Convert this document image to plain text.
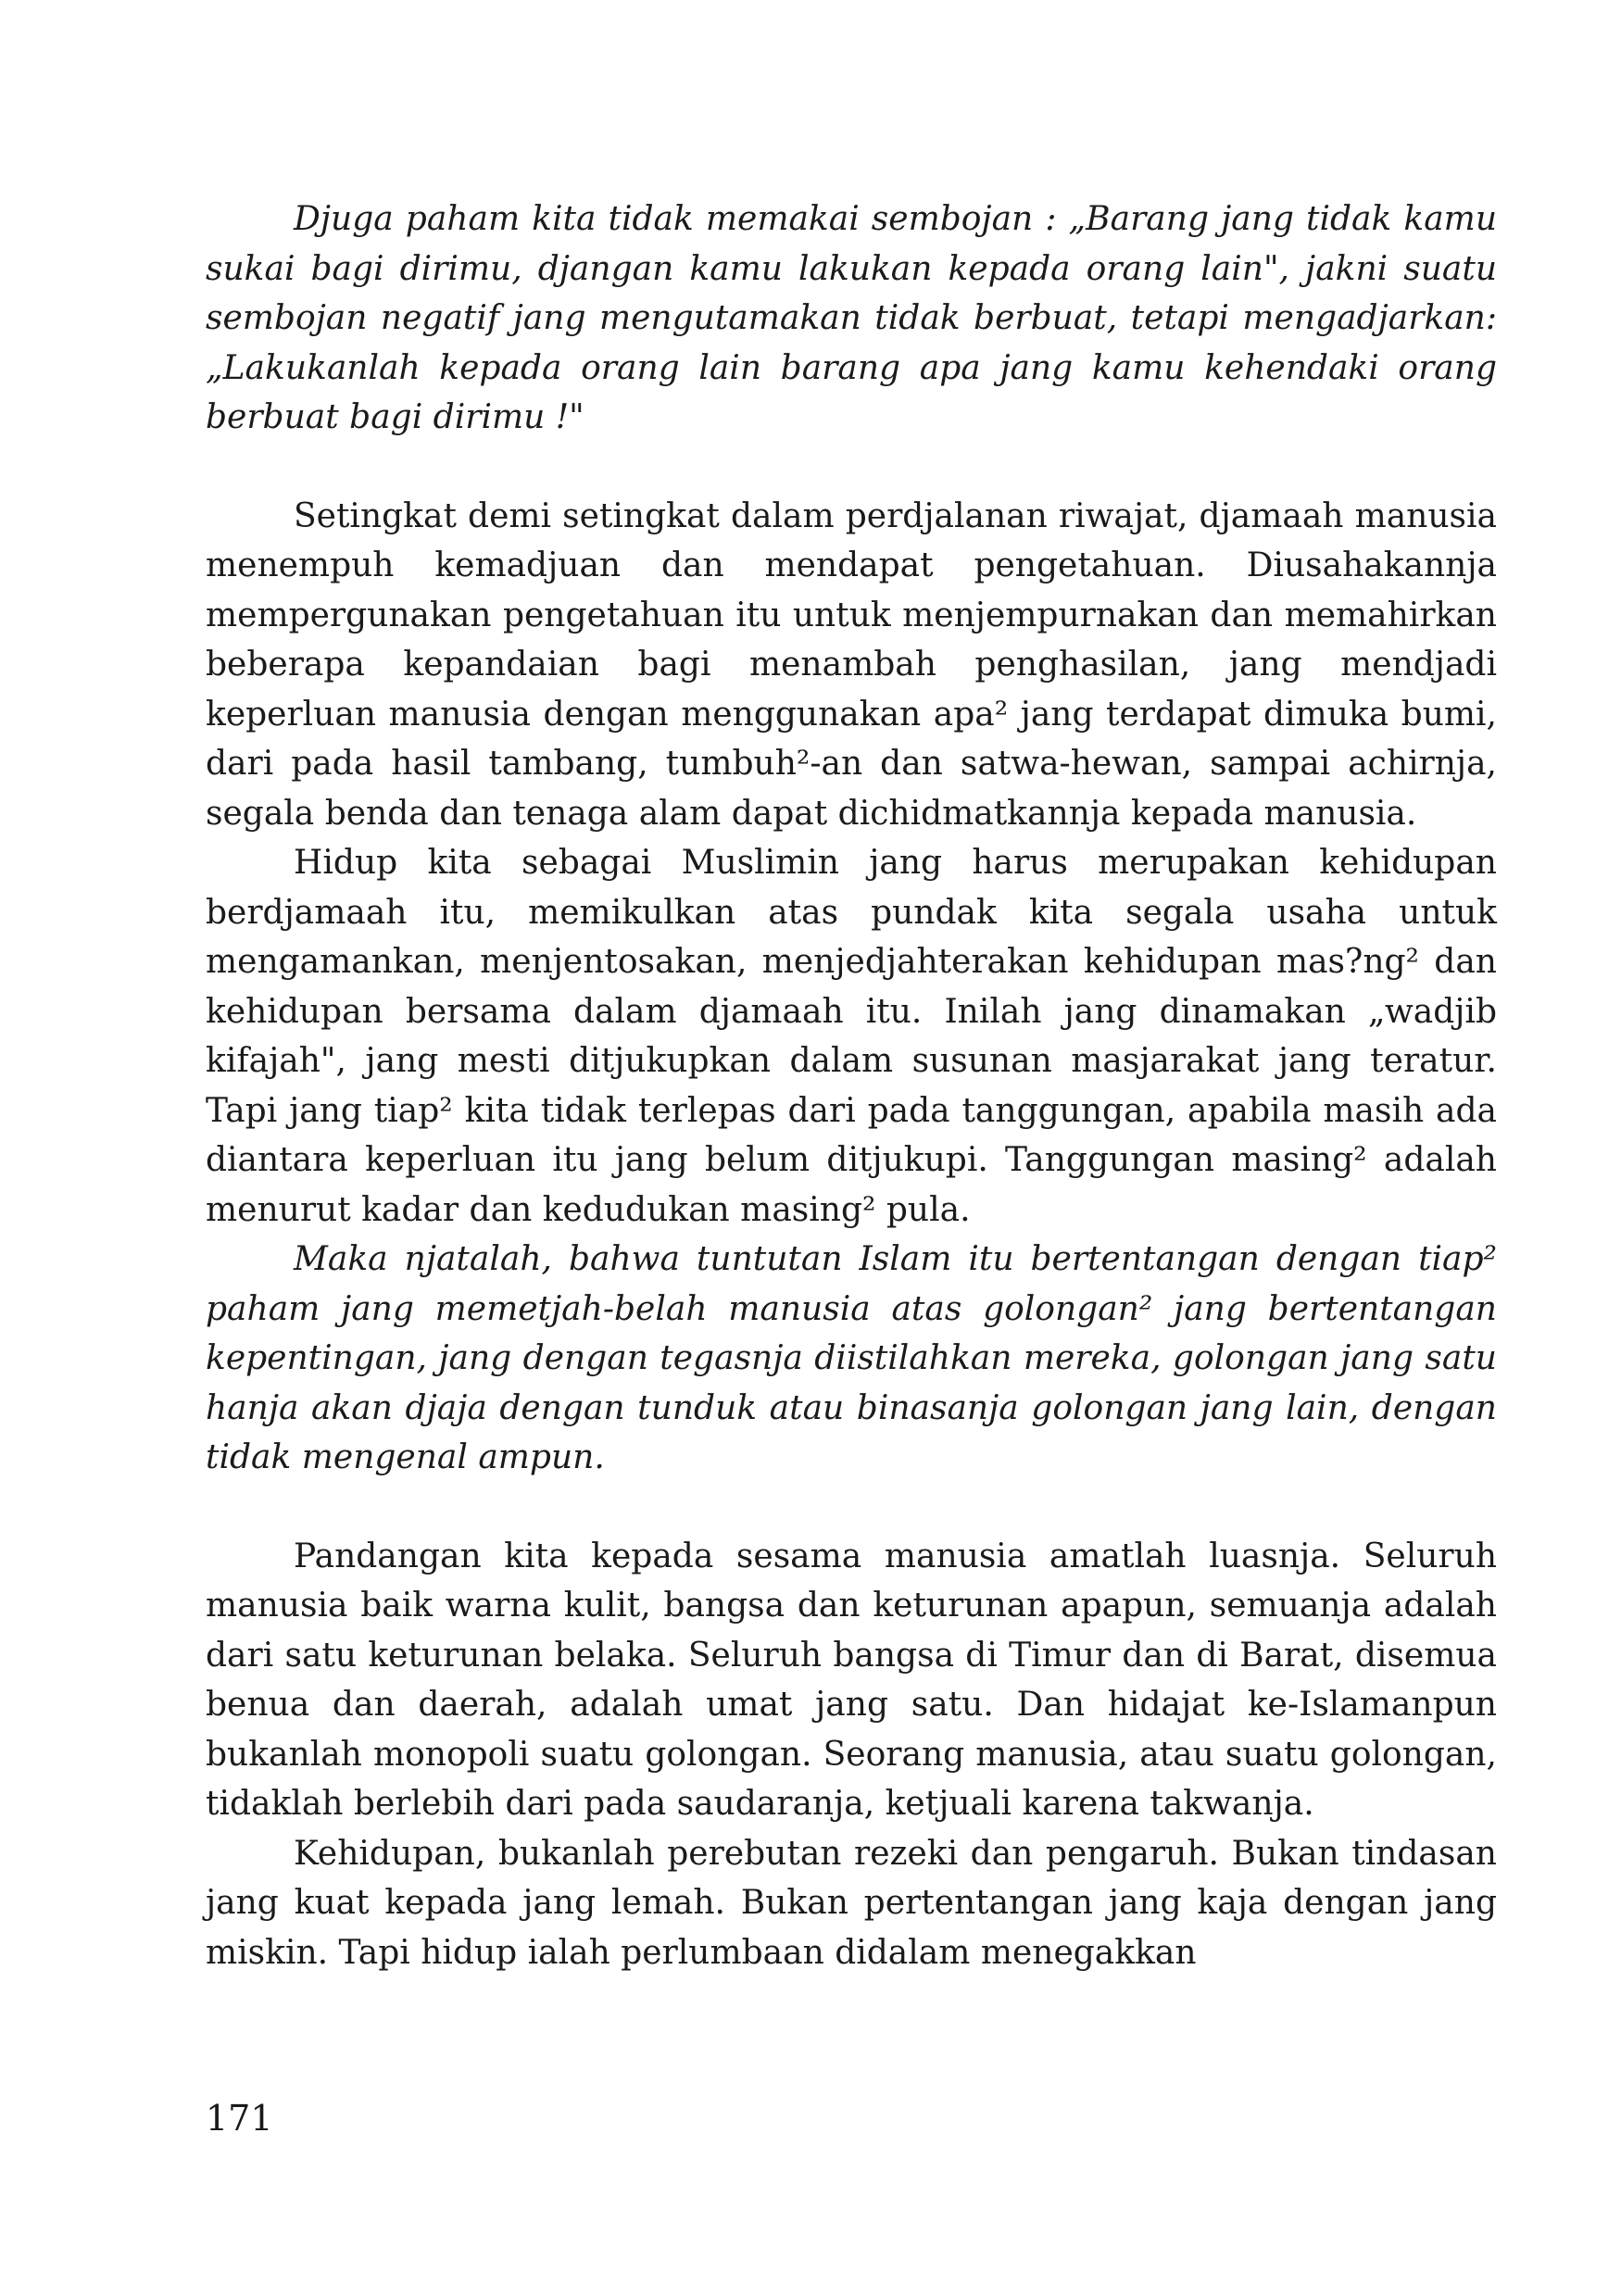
Djuga paham kita tidak memakai sembojan : „Barang jang tidak kamu sukai bagi dirimu, djangan kamu lakukan kepada orang lain", jakni suatu sembojan negatif jang mengutamakan tidak berbuat, tetapi mengadjarkan: „Lakukanlah kepada orang lain barang apa jang kamu kehendaki orang berbuat bagi dirimu !"

Setingkat demi setingkat dalam perdjalanan riwajat, djamaah manusia menempuh kemadjuan dan mendapat pengetahuan. Diusahakannja mempergunakan pengetahuan itu untuk menjempurnakan dan memahirkan beberapa kepandaian bagi menambah penghasilan, jang mendjadi keperluan manusia dengan menggunakan apa² jang terdapat dimuka bumi, dari pada hasil tambang, tumbuh²-an dan satwa-hewan, sampai achirnja, segala benda dan tenaga alam dapat dichidmatkannja kepada manusia.

Hidup kita sebagai Muslimin jang harus merupakan kehidupan berdjamaah itu, memikulkan atas pundak kita segala usaha untuk mengamankan, menjentosakan, menjedjahterakan kehidupan mas?ng² dan kehidupan bersama dalam djamaah itu. Inilah jang dinamakan „wadjib kifajah", jang mesti ditjukupkan dalam susunan masjarakat jang teratur. Tapi jang tiap² kita tidak terlepas dari pada tanggungan, apabila masih ada diantara keperluan itu jang belum ditjukupi. Tanggungan masing² adalah menurut kadar dan kedudukan masing² pula.

Maka njatalah, bahwa tuntutan Islam itu bertentangan dengan tiap² paham jang memetjah-belah manusia atas golongan² jang bertentangan kepentingan, jang dengan tegasnja diistilahkan mereka, golongan jang satu hanja akan djaja dengan tunduk atau binasanja golongan jang lain, dengan tidak mengenal ampun.

Pandangan kita kepada sesama manusia amatlah luasnja. Seluruh manusia baik warna kulit, bangsa dan keturunan apapun, semuanja adalah dari satu keturunan belaka. Seluruh bangsa di Timur dan di Barat, disemua benua dan daerah, adalah umat jang satu. Dan hidajat ke-Islamanpun bukanlah monopoli suatu golongan. Seorang manusia, atau suatu golongan, tidaklah berlebih dari pada saudaranja, ketjuali karena takwanja.

Kehidupan, bukanlah perebutan rezeki dan pengaruh. Bukan tindasan jang kuat kepada jang lemah. Bukan pertentangan jang kaja dengan jang miskin. Tapi hidup ialah perlumbaan didalam menegakkan

171
